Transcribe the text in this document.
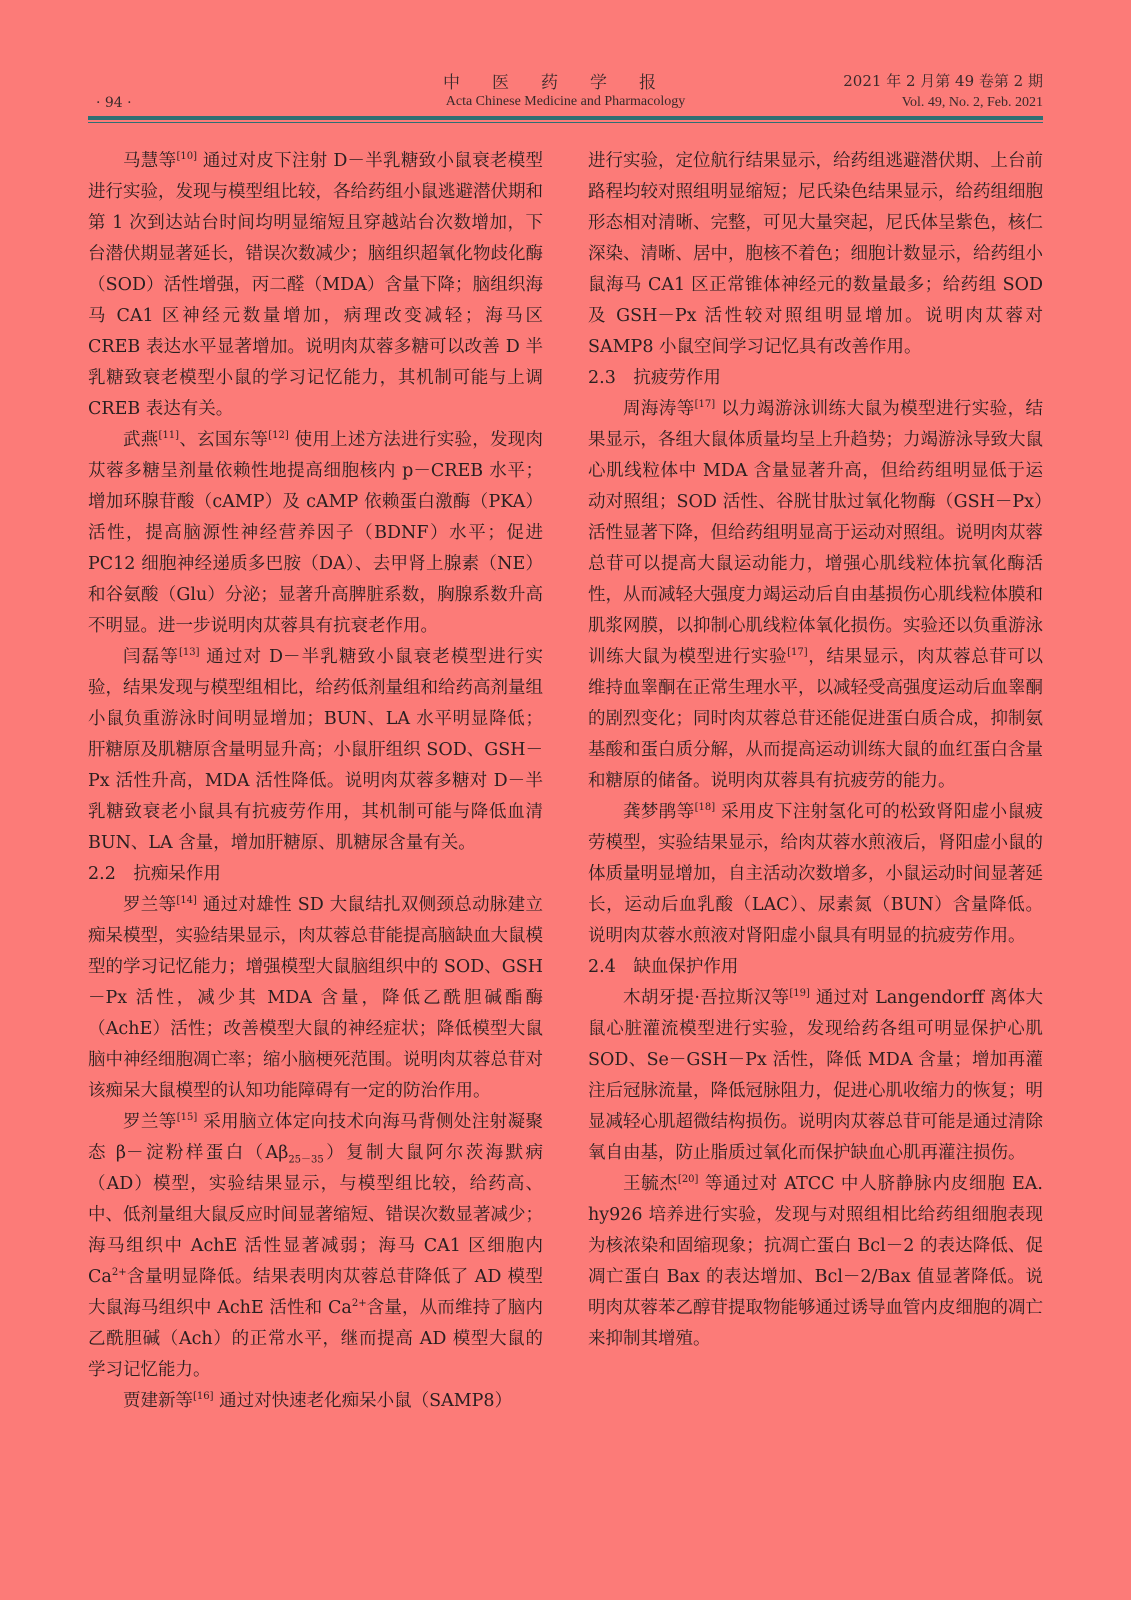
中医药学报
Acta Chinese Medicine and Pharmacology
2021 年 2 月第 49 卷第 2 期
Vol. 49, No. 2, Feb. 2021
· 94 ·

马慧等[10] 通过对皮下注射 D－半乳糖致小鼠衰老模型进行实验，发现与模型组比较，各给药组小鼠逃避潜伏期和第 1 次到达站台时间均明显缩短且穿越站台次数增加，下台潜伏期显著延长，错误次数减少；脑组织超氧化物歧化酶（SOD）活性增强，丙二醛（MDA）含量下降；脑组织海马 CA1 区神经元数量增加，病理改变减轻；海马区 CREB 表达水平显著增加。说明肉苁蓉多糖可以改善 D 半乳糖致衰老模型小鼠的学习记忆能力，其机制可能与上调 CREB 表达有关。

武燕[11]、玄国东等[12] 使用上述方法进行实验，发现肉苁蓉多糖呈剂量依赖性地提高细胞核内 p－CREB 水平；增加环腺苷酸（cAMP）及 cAMP 依赖蛋白激酶（PKA）活性，提高脑源性神经营养因子（BDNF）水平；促进 PC12 细胞神经递质多巴胺（DA）、去甲肾上腺素（NE）和谷氨酸（Glu）分泌；显著升高脾脏系数，胸腺系数升高不明显。进一步说明肉苁蓉具有抗衰老作用。

闫磊等[13] 通过对 D－半乳糖致小鼠衰老模型进行实验，结果发现与模型组相比，给药低剂量组和给药高剂量组小鼠负重游泳时间明显增加；BUN、LA 水平明显降低；肝糖原及肌糖原含量明显升高；小鼠肝组织 SOD、GSH－Px 活性升高，MDA 活性降低。说明肉苁蓉多糖对 D－半乳糖致衰老小鼠具有抗疲劳作用，其机制可能与降低血清 BUN、LA 含量，增加肝糖原、肌糖尿含量有关。

2.2　抗痴呆作用

罗兰等[14] 通过对雄性 SD 大鼠结扎双侧颈总动脉建立痴呆模型，实验结果显示，肉苁蓉总苷能提高脑缺血大鼠模型的学习记忆能力；增强模型大鼠脑组织中的 SOD、GSH－Px 活性，减少其 MDA 含量，降低乙酰胆碱酯酶（AchE）活性；改善模型大鼠的神经症状；降低模型大鼠脑中神经细胞凋亡率；缩小脑梗死范围。说明肉苁蓉总苷对该痴呆大鼠模型的认知功能障碍有一定的防治作用。

罗兰等[15] 采用脑立体定向技术向海马背侧处注射凝聚态 β－淀粉样蛋白$(A\beta_{25-35})$复制大鼠阿尔茨海默病（AD）模型，实验结果显示，与模型组比较，给药高、中、低剂量组大鼠反应时间显著缩短、错误次数显著减少；海马组织中 AchE 活性显著减弱；海马 CA1 区细胞内 $Ca^{2+}$含量明显降低。结果表明肉苁蓉总苷降低了 AD 模型大鼠海马组织中 AchE 活性和 $Ca^{2+}$含量，从而维持了脑内乙酰胆碱（Ach）的正常水平，继而提高 AD 模型大鼠的学习记忆能力。

贾建新等[16] 通过对快速老化痴呆小鼠（SAMP8）

进行实验，定位航行结果显示，给药组逃避潜伏期、上台前路程均较对照组明显缩短；尼氏染色结果显示，给药组细胞形态相对清晰、完整，可见大量突起，尼氏体呈紫色，核仁深染、清晰、居中，胞核不着色；细胞计数显示，给药组小鼠海马 CA1 区正常锥体神经元的数量最多；给药组 SOD 及 GSH－Px 活性较对照组明显增加。说明肉苁蓉对 SAMP8 小鼠空间学习记忆具有改善作用。

2.3　抗疲劳作用

周海涛等[17] 以力竭游泳训练大鼠为模型进行实验，结果显示，各组大鼠体质量均呈上升趋势；力竭游泳导致大鼠心肌线粒体中 MDA 含量显著升高，但给药组明显低于运动对照组；SOD 活性、谷胱甘肽过氧化物酶（GSH－Px）活性显著下降，但给药组明显高于运动对照组。说明肉苁蓉总苷可以提高大鼠运动能力，增强心肌线粒体抗氧化酶活性，从而减轻大强度力竭运动后自由基损伤心肌线粒体膜和肌浆网膜，以抑制心肌线粒体氧化损伤。实验还以负重游泳训练大鼠为模型进行实验[17]，结果显示，肉苁蓉总苷可以维持血睾酮在正常生理水平，以减轻受高强度运动后血睾酮的剧烈变化；同时肉苁蓉总苷还能促进蛋白质合成，抑制氨基酸和蛋白质分解，从而提高运动训练大鼠的血红蛋白含量和糖原的储备。说明肉苁蓉具有抗疲劳的能力。

龚梦鹃等[18] 采用皮下注射氢化可的松致肾阳虚小鼠疲劳模型，实验结果显示，给肉苁蓉水煎液后，肾阳虚小鼠的体质量明显增加，自主活动次数增多，小鼠运动时间显著延长，运动后血乳酸（LAC）、尿素氮（BUN）含量降低。说明肉苁蓉水煎液对肾阳虚小鼠具有明显的抗疲劳作用。

2.4　缺血保护作用

木胡牙提·吾拉斯汉等[19] 通过对 Langendorff 离体大鼠心脏灌流模型进行实验，发现给药各组可明显保护心肌 SOD、Se－GSH－Px 活性，降低 MDA 含量；增加再灌注后冠脉流量，降低冠脉阻力，促进心肌收缩力的恢复；明显减轻心肌超微结构损伤。说明肉苁蓉总苷可能是通过清除氧自由基，防止脂质过氧化而保护缺血心肌再灌注损伤。

王毓杰[20] 等通过对 ATCC 中人脐静脉内皮细胞 EA. hy926 培养进行实验，发现与对照组相比给药组细胞表现为核浓染和固缩现象；抗凋亡蛋白 Bcl－2 的表达降低、促凋亡蛋白 Bax 的表达增加、Bcl－2/Bax 值显著降低。说明肉苁蓉苯乙醇苷提取物能够通过诱导血管内皮细胞的凋亡来抑制其增殖。
